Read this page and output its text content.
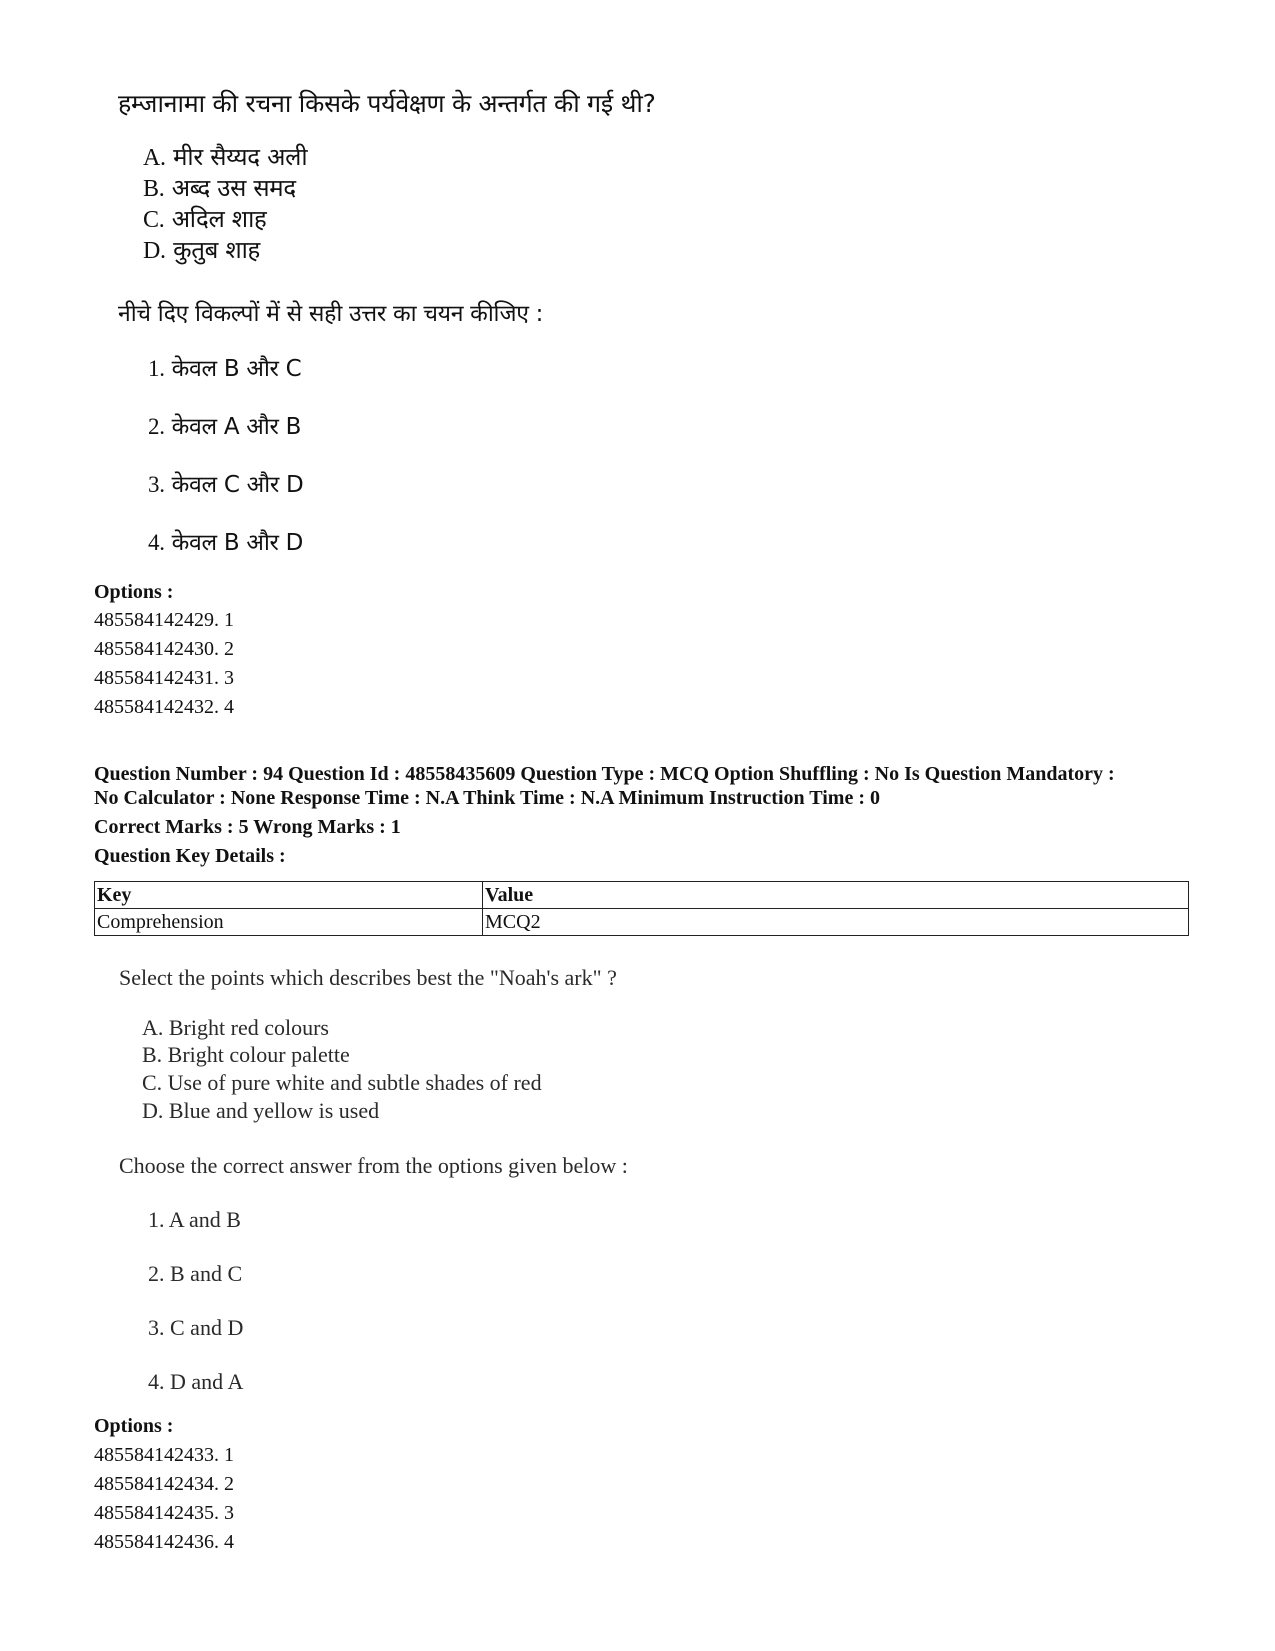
हम्जानामा की रचना किसके पर्यवेक्षण के अन्तर्गत की गई थी?
A. मीर सैय्यद अली
B. अब्द उस समद
C. अदिल शाह
D. कुतुब शाह
नीचे दिए विकल्पों में से सही उत्तर का चयन कीजिए :
1. केवल B और C
2. केवल A और B
3. केवल C और D
4. केवल B और D
Options :
485584142429. 1
485584142430. 2
485584142431. 3
485584142432. 4
Question Number : 94 Question Id : 48558435609 Question Type : MCQ Option Shuffling : No Is Question Mandatory :
No Calculator : None Response Time : N.A Think Time : N.A Minimum Instruction Time : 0
Correct Marks : 5 Wrong Marks : 1
Question Key Details :
Key	Value
Comprehension	MCQ2
Select the points which describes best the "Noah's ark" ?
A. Bright red colours
B. Bright colour palette
C. Use of pure white and subtle shades of red
D. Blue and yellow is used
Choose the correct answer from the options given below :
1. A and B
2. B and C
3. C and D
4. D and A
Options :
485584142433. 1
485584142434. 2
485584142435. 3
485584142436. 4
